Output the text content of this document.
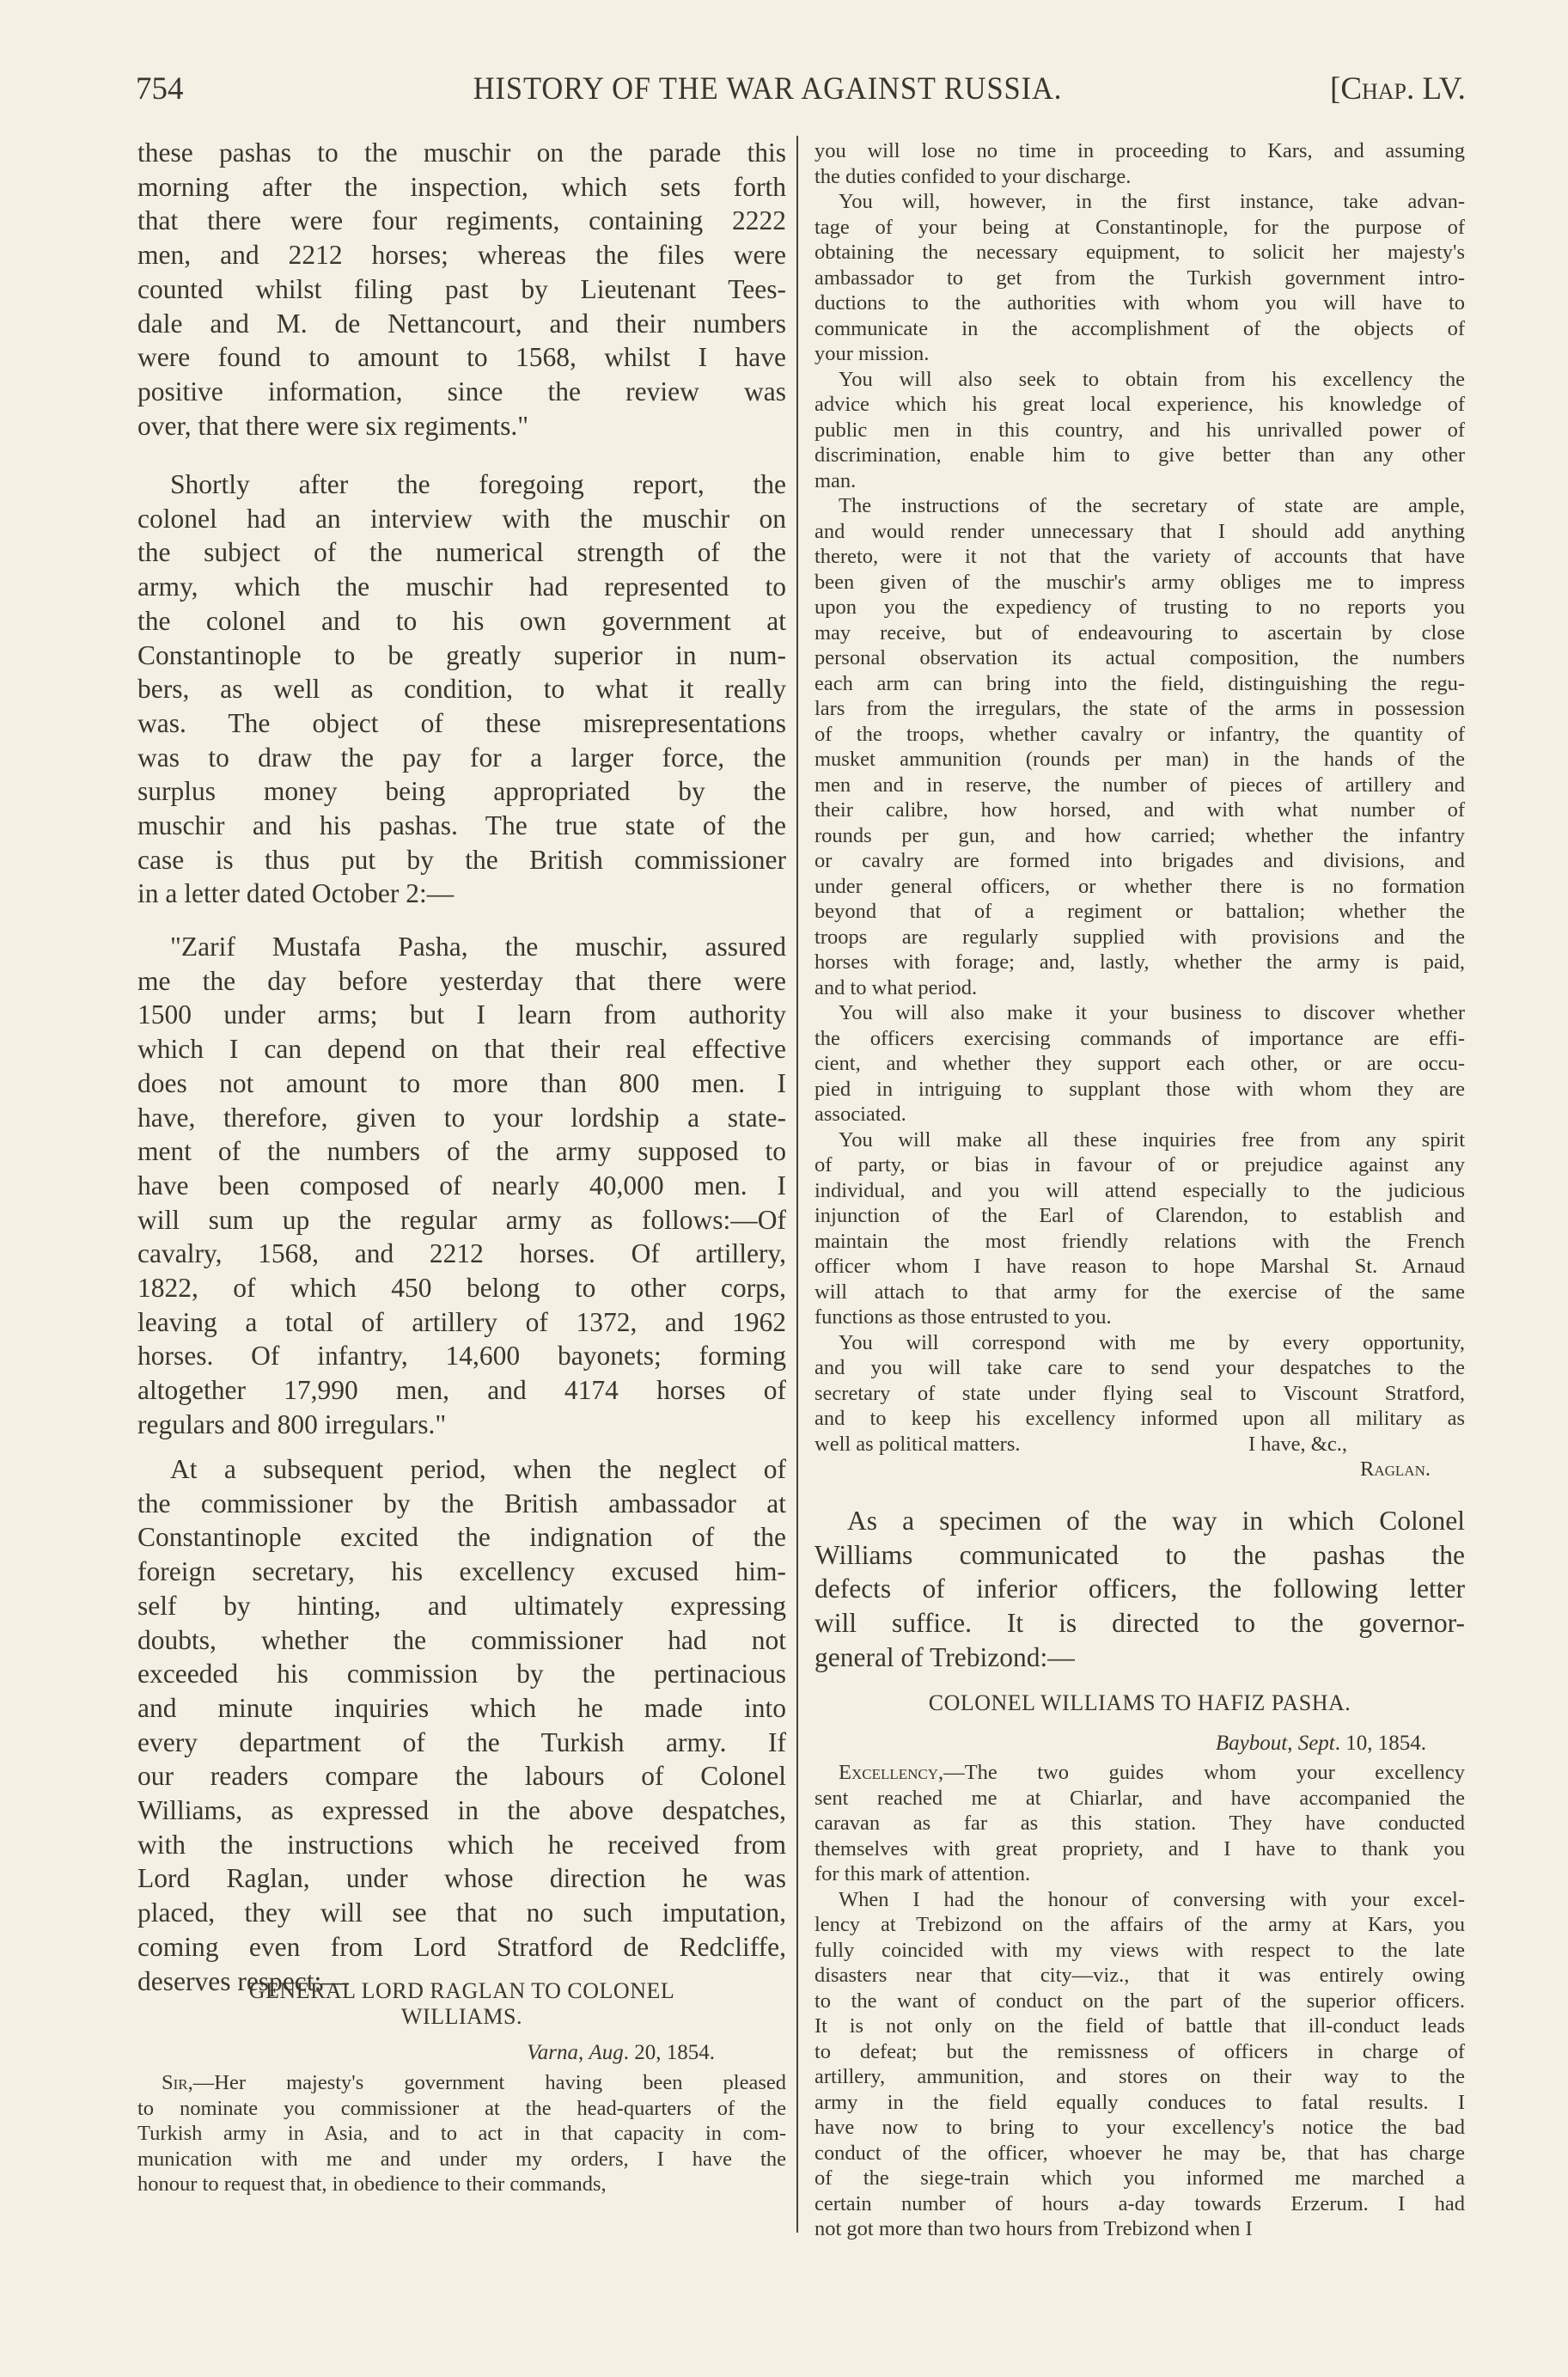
754	HISTORY OF THE WAR AGAINST RUSSIA.	[Chap. LV.
these pashas to the muschir on the parade this
morning after the inspection, which sets forth
that there were four regiments, containing 2222
men, and 2212 horses; whereas the files were
counted whilst filing past by Lieutenant Tees-
dale and M. de Nettancourt, and their numbers
were found to amount to 1568, whilst I have
positive information, since the review was
over, that there were six regiments."
Shortly after the foregoing report, the
colonel had an interview with the muschir on
the subject of the numerical strength of the
army, which the muschir had represented to
the colonel and to his own government at
Constantinople to be greatly superior in num-
bers, as well as condition, to what it really
was. The object of these misrepresentations
was to draw the pay for a larger force, the
surplus money being appropriated by the
muschir and his pashas. The true state of the
case is thus put by the British commissioner
in a letter dated October 2:—
"Zarif Mustafa Pasha, the muschir, assured
me the day before yesterday that there were
1500 under arms; but I learn from authority
which I can depend on that their real effective
does not amount to more than 800 men. I
have, therefore, given to your lordship a state-
ment of the numbers of the army supposed to
have been composed of nearly 40,000 men. I
will sum up the regular army as follows:—Of
cavalry, 1568, and 2212 horses. Of artillery,
1822, of which 450 belong to other corps,
leaving a total of artillery of 1372, and 1962
horses. Of infantry, 14,600 bayonets; forming
altogether 17,990 men, and 4174 horses of
regulars and 800 irregulars."
At a subsequent period, when the neglect of
the commissioner by the British ambassador at
Constantinople excited the indignation of the
foreign secretary, his excellency excused him-
self by hinting, and ultimately expressing
doubts, whether the commissioner had not
exceeded his commission by the pertinacious
and minute inquiries which he made into
every department of the Turkish army. If
our readers compare the labours of Colonel
Williams, as expressed in the above despatches,
with the instructions which he received from
Lord Raglan, under whose direction he was
placed, they will see that no such imputation,
coming even from Lord Stratford de Redcliffe,
deserves respect:—
GENERAL LORD RAGLAN TO COLONEL
WILLIAMS.
Varna, Aug. 20, 1854.
Sir,—Her majesty's government having been pleased
to nominate you commissioner at the head-quarters of the
Turkish army in Asia, and to act in that capacity in com-
munication with me and under my orders, I have the
honour to request that, in obedience to their commands,
you will lose no time in proceeding to Kars, and assuming
the duties confided to your discharge.
You will, however, in the first instance, take advan-
tage of your being at Constantinople, for the purpose of
obtaining the necessary equipment, to solicit her majesty's
ambassador to get from the Turkish government intro-
ductions to the authorities with whom you will have to
communicate in the accomplishment of the objects of
your mission.
You will also seek to obtain from his excellency the
advice which his great local experience, his knowledge of
public men in this country, and his unrivalled power of
discrimination, enable him to give better than any other
man.
The instructions of the secretary of state are ample,
and would render unnecessary that I should add anything
thereto, were it not that the variety of accounts that have
been given of the muschir's army obliges me to impress
upon you the expediency of trusting to no reports you
may receive, but of endeavouring to ascertain by close
personal observation its actual composition, the numbers
each arm can bring into the field, distinguishing the regu-
lars from the irregulars, the state of the arms in possession
of the troops, whether cavalry or infantry, the quantity of
musket ammunition (rounds per man) in the hands of the
men and in reserve, the number of pieces of artillery and
their calibre, how horsed, and with what number of
rounds per gun, and how carried; whether the infantry
or cavalry are formed into brigades and divisions, and
under general officers, or whether there is no formation
beyond that of a regiment or battalion; whether the
troops are regularly supplied with provisions and the
horses with forage; and, lastly, whether the army is paid,
and to what period.
You will also make it your business to discover whether
the officers exercising commands of importance are effi-
cient, and whether they support each other, or are occu-
pied in intriguing to supplant those with whom they are
associated.
You will make all these inquiries free from any spirit
of party, or bias in favour of or prejudice against any
individual, and you will attend especially to the judicious
injunction of the Earl of Clarendon, to establish and
maintain the most friendly relations with the French
officer whom I have reason to hope Marshal St. Arnaud
will attach to that army for the exercise of the same
functions as those entrusted to you.
You will correspond with me by every opportunity,
and you will take care to send your despatches to the
secretary of state under flying seal to Viscount Stratford,
and to keep his excellency informed upon all military as
well as political matters.	I have, &c.,
Raglan.
As a specimen of the way in which Colonel
Williams communicated to the pashas the
defects of inferior officers, the following letter
will suffice. It is directed to the governor-
general of Trebizond:—
COLONEL WILLIAMS TO HAFIZ PASHA.
Baybout, Sept. 10, 1854.
Excellency,—The two guides whom your excellency
sent reached me at Chiarlar, and have accompanied the
caravan as far as this station. They have conducted
themselves with great propriety, and I have to thank you
for this mark of attention.
When I had the honour of conversing with your excel-
lency at Trebizond on the affairs of the army at Kars, you
fully coincided with my views with respect to the late
disasters near that city—viz., that it was entirely owing
to the want of conduct on the part of the superior officers.
It is not only on the field of battle that ill-conduct leads
to defeat; but the remissness of officers in charge of
artillery, ammunition, and stores on their way to the
army in the field equally conduces to fatal results. I
have now to bring to your excellency's notice the bad
conduct of the officer, whoever he may be, that has charge
of the siege-train which you informed me marched a
certain number of hours a-day towards Erzerum. I had
not got more than two hours from Trebizond when I
